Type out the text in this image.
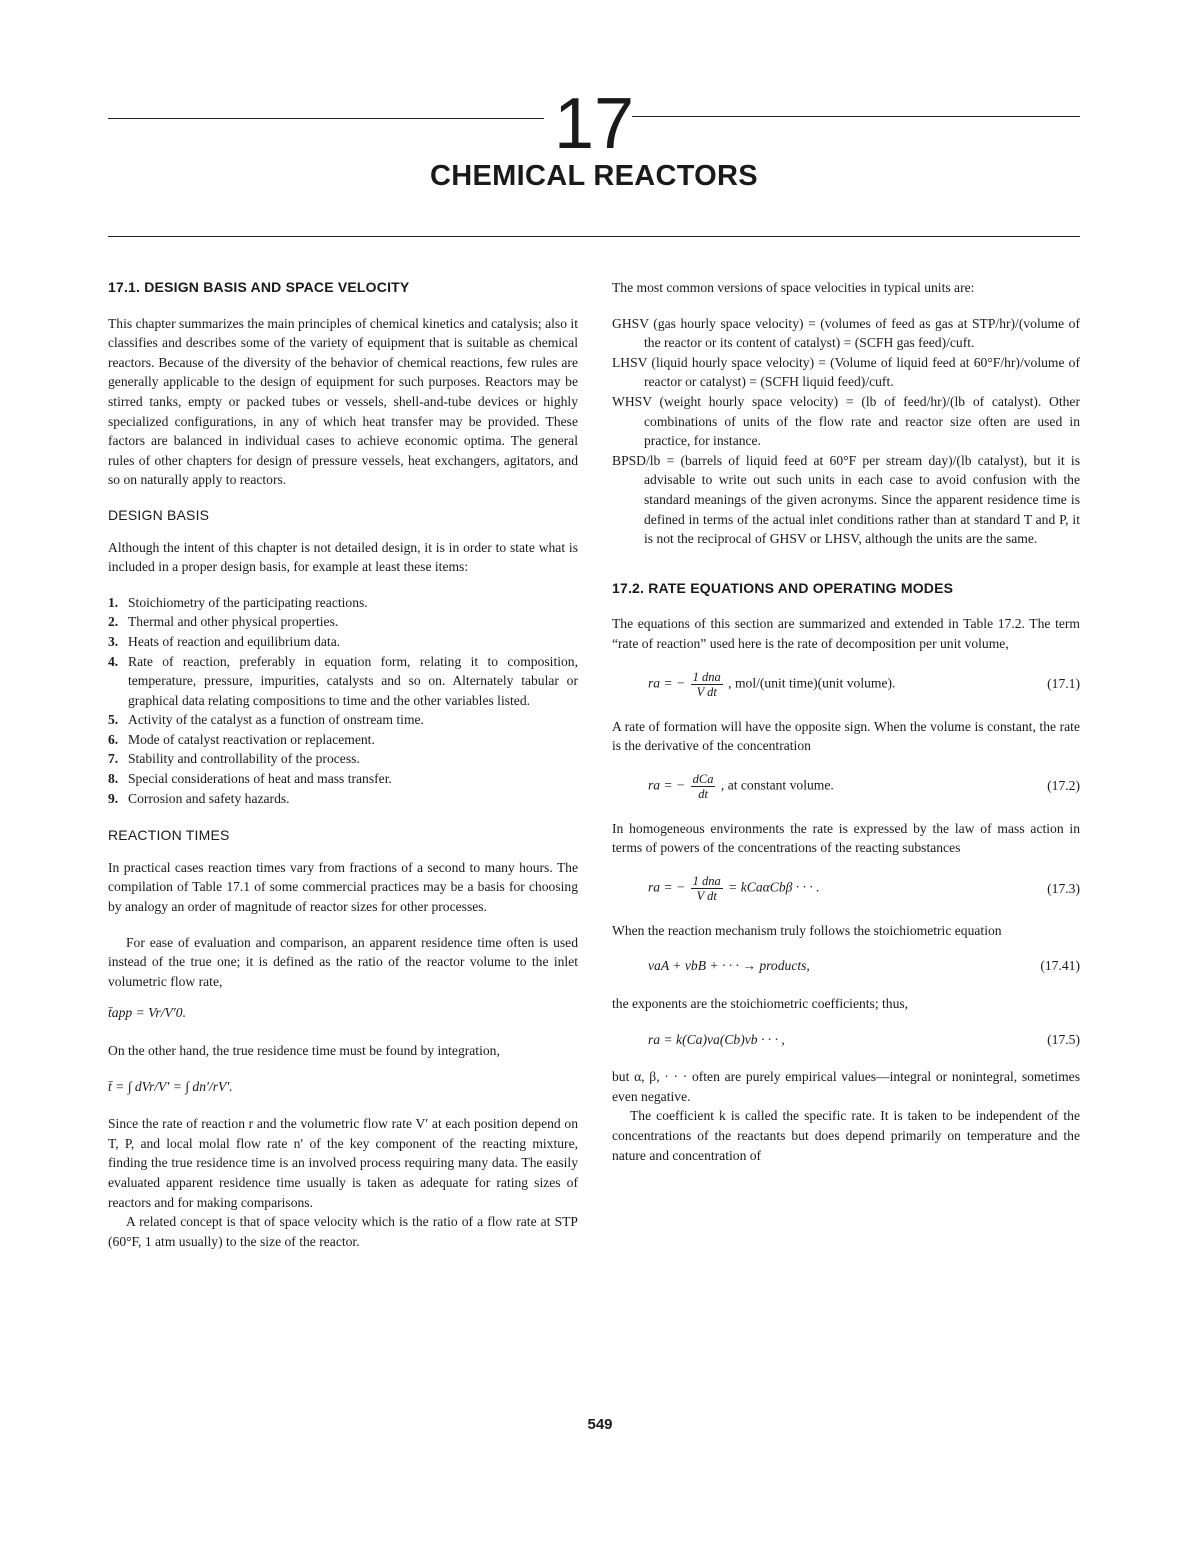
17
CHEMICAL REACTORS
17.1. DESIGN BASIS AND SPACE VELOCITY

This chapter summarizes the main principles of chemical kinetics and catalysis; also it classifies and describes some of the variety of equipment that is suitable as chemical reactors. Because of the diversity of the behavior of chemical reactions, few rules are generally applicable to the design of equipment for such purposes. Reactors may be stirred tanks, empty or packed tubes or vessels, shell-and-tube devices or highly specialized configurations, in any of which heat transfer may be provided. These factors are balanced in individual cases to achieve economic optima. The general rules of other chapters for design of pressure vessels, heat exchangers, agitators, and so on naturally apply to reactors.

DESIGN BASIS

Although the intent of this chapter is not detailed design, it is in order to state what is included in a proper design basis, for example at least these items:

1. Stoichiometry of the participating reactions.
2. Thermal and other physical properties.
3. Heats of reaction and equilibrium data.
4. Rate of reaction, preferably in equation form, relating it to composition, temperature, pressure, impurities, catalysts and so on. Alternately tabular or graphical data relating compositions to time and the other variables listed.
5. Activity of the catalyst as a function of onstream time.
6. Mode of catalyst reactivation or replacement.
7. Stability and controllability of the process.
8. Special considerations of heat and mass transfer.
9. Corrosion and safety hazards.
REACTION TIMES

In practical cases reaction times vary from fractions of a second to many hours. The compilation of Table 17.1 of some commercial practices may be a basis for choosing by analogy an order of magnitude of reactor sizes for other processes.

For ease of evaluation and comparison, an apparent residence time often is used instead of the true one; it is defined as the ratio of the reactor volume to the inlet volumetric flow rate,

t̄app = Vr/V′0.

On the other hand, the true residence time must be found by integration,

t̄ = ∫ dVr/V′ = ∫ dn′/rV′.

Since the rate of reaction r and the volumetric flow rate V′ at each position depend on T, P, and local molal flow rate n′ of the key component of the reacting mixture, finding the true residence time is an involved process requiring many data. The easily evaluated apparent residence time usually is taken as adequate for rating sizes of reactors and for making comparisons.

A related concept is that of space velocity which is the ratio of a flow rate at STP (60°F, 1 atm usually) to the size of the reactor.

The most common versions of space velocities in typical units are:

GHSV (gas hourly space velocity) = (volumes of feed as gas at STP/hr)/(volume of the reactor or its content of catalyst) = (SCFH gas feed)/cuft.
LHSV (liquid hourly space velocity) = (Volume of liquid feed at 60°F/hr)/volume of reactor or catalyst) = (SCFH liquid feed)/cuft.
WHSV (weight hourly space velocity) = (lb of feed/hr)/(lb of catalyst). Other combinations of units of the flow rate and reactor size often are used in practice, for instance.
BPSD/lb = (barrels of liquid feed at 60°F per stream day)/(lb catalyst), but it is advisable to write out such units in each case to avoid confusion with the standard meanings of the given acronyms. Since the apparent residence time is defined in terms of the actual inlet conditions rather than at standard T and P, it is not the reciprocal of GHSV or LHSV, although the units are the same.
17.2. RATE EQUATIONS AND OPERATING MODES

The equations of this section are summarized and extended in Table 17.2. The term “rate of reaction” used here is the rate of decomposition per unit volume,

ra = − $\frac{\text{1 dna}}{\text{V dt}}$ , mol/(unit time)(unit volume).	(17.1)

A rate of formation will have the opposite sign. When the volume is constant, the rate is the derivative of the concentration

ra = − $\frac{\text{dCa}}{dt}$ , at constant volume.	(17.2)

In homogeneous environments the rate is expressed by the law of mass action in terms of powers of the concentrations of the reacting substances

ra = − $\frac{\text{1 dna}}{\text{V dt}} = kCa\alpha Cb\beta$ · · · .	(17.3)

When the reaction mechanism truly follows the stoichiometric equation

νaA + νbB + · · · → products,	(17.41)

the exponents are the stoichiometric coefficients; thus,

ra = k(Ca)νa(Cb)νb · · · ,	(17.5)

but α, β, · · · often are purely empirical values—integral or nonintegral, sometimes even negative.

The coefficient k is called the specific rate. It is taken to be independent of the concentrations of the reactants but does depend primarily on temperature and the nature and concentration of

549
